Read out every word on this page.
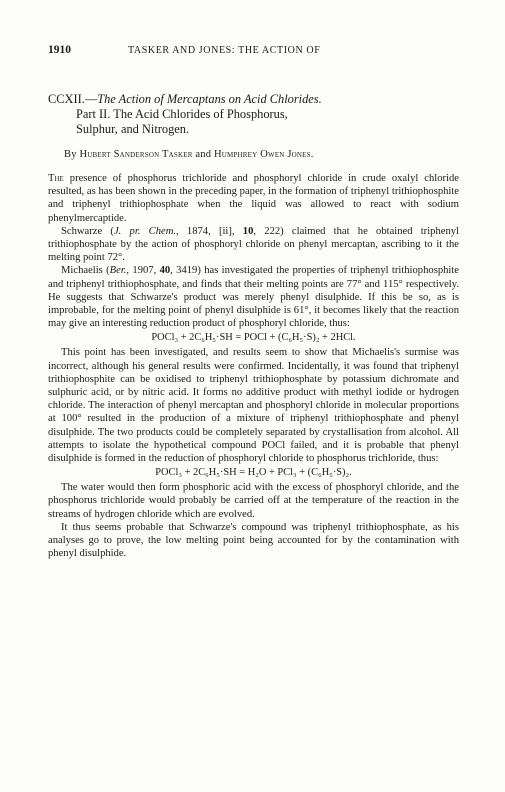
1910	TASKER AND JONES: THE ACTION OF
CCXII.—The Action of Mercaptans on Acid Chlorides.
Part II. The Acid Chlorides of Phosphorus,
Sulphur, and Nitrogen.
By Hubert Sanderson Tasker and Humphrey Owen Jones.

The presence of phosphorus trichloride and phosphoryl chloride in crude oxalyl chloride resulted, as has been shown in the preceding paper, in the formation of triphenyl trithiophosphite and triphenyl trithiophosphate when the liquid was allowed to react with sodium phenylmercaptide.

Schwarze (J. pr. Chem., 1874, [ii], 10, 222) claimed that he obtained triphenyl trithiophosphate by the action of phosphoryl chloride on phenyl mercaptan, ascribing to it the melting point 72°.

Michaelis (Ber., 1907, 40, 3419) has investigated the properties of triphenyl trithiophosphite and triphenyl trithiophosphate, and finds that their melting points are 77° and 115° respectively. He suggests that Schwarze's product was merely phenyl disulphide. If this be so, as is improbable, for the melting point of phenyl disulphide is 61°, it becomes likely that the reaction may give an interesting reduction product of phosphoryl chloride, thus:

POCl₃ + 2C₆H₅·SH = POCl + (C₆H₅·S)₂ + 2HCl.

This point has been investigated, and results seem to show that Michaelis's surmise was incorrect, although his general results were confirmed. Incidentally, it was found that triphenyl trithiophosphite can be oxidised to triphenyl trithiophosphate by potassium dichromate and sulphuric acid, or by nitric acid. It forms no additive product with methyl iodide or hydrogen chloride. The interaction of phenyl mercaptan and phosphoryl chloride in molecular proportions at 100° resulted in the production of a mixture of triphenyl trithiophosphate and phenyl disulphide. The two products could be completely separated by crystallisation from alcohol. All attempts to isolate the hypothetical compound POCl failed, and it is probable that phenyl disulphide is formed in the reduction of phosphoryl chloride to phosphorus trichloride, thus:

POCl₃ + 2C₆H₅·SH = H₂O + PCl₃ + (C₆H₅·S)₂.

The water would then form phosphoric acid with the excess of phosphoryl chloride, and the phosphorus trichloride would probably be carried off at the temperature of the reaction in the streams of hydrogen chloride which are evolved.

It thus seems probable that Schwarze's compound was triphenyl trithiophosphate, as his analyses go to prove, the low melting point being accounted for by the contamination with phenyl disulphide.
